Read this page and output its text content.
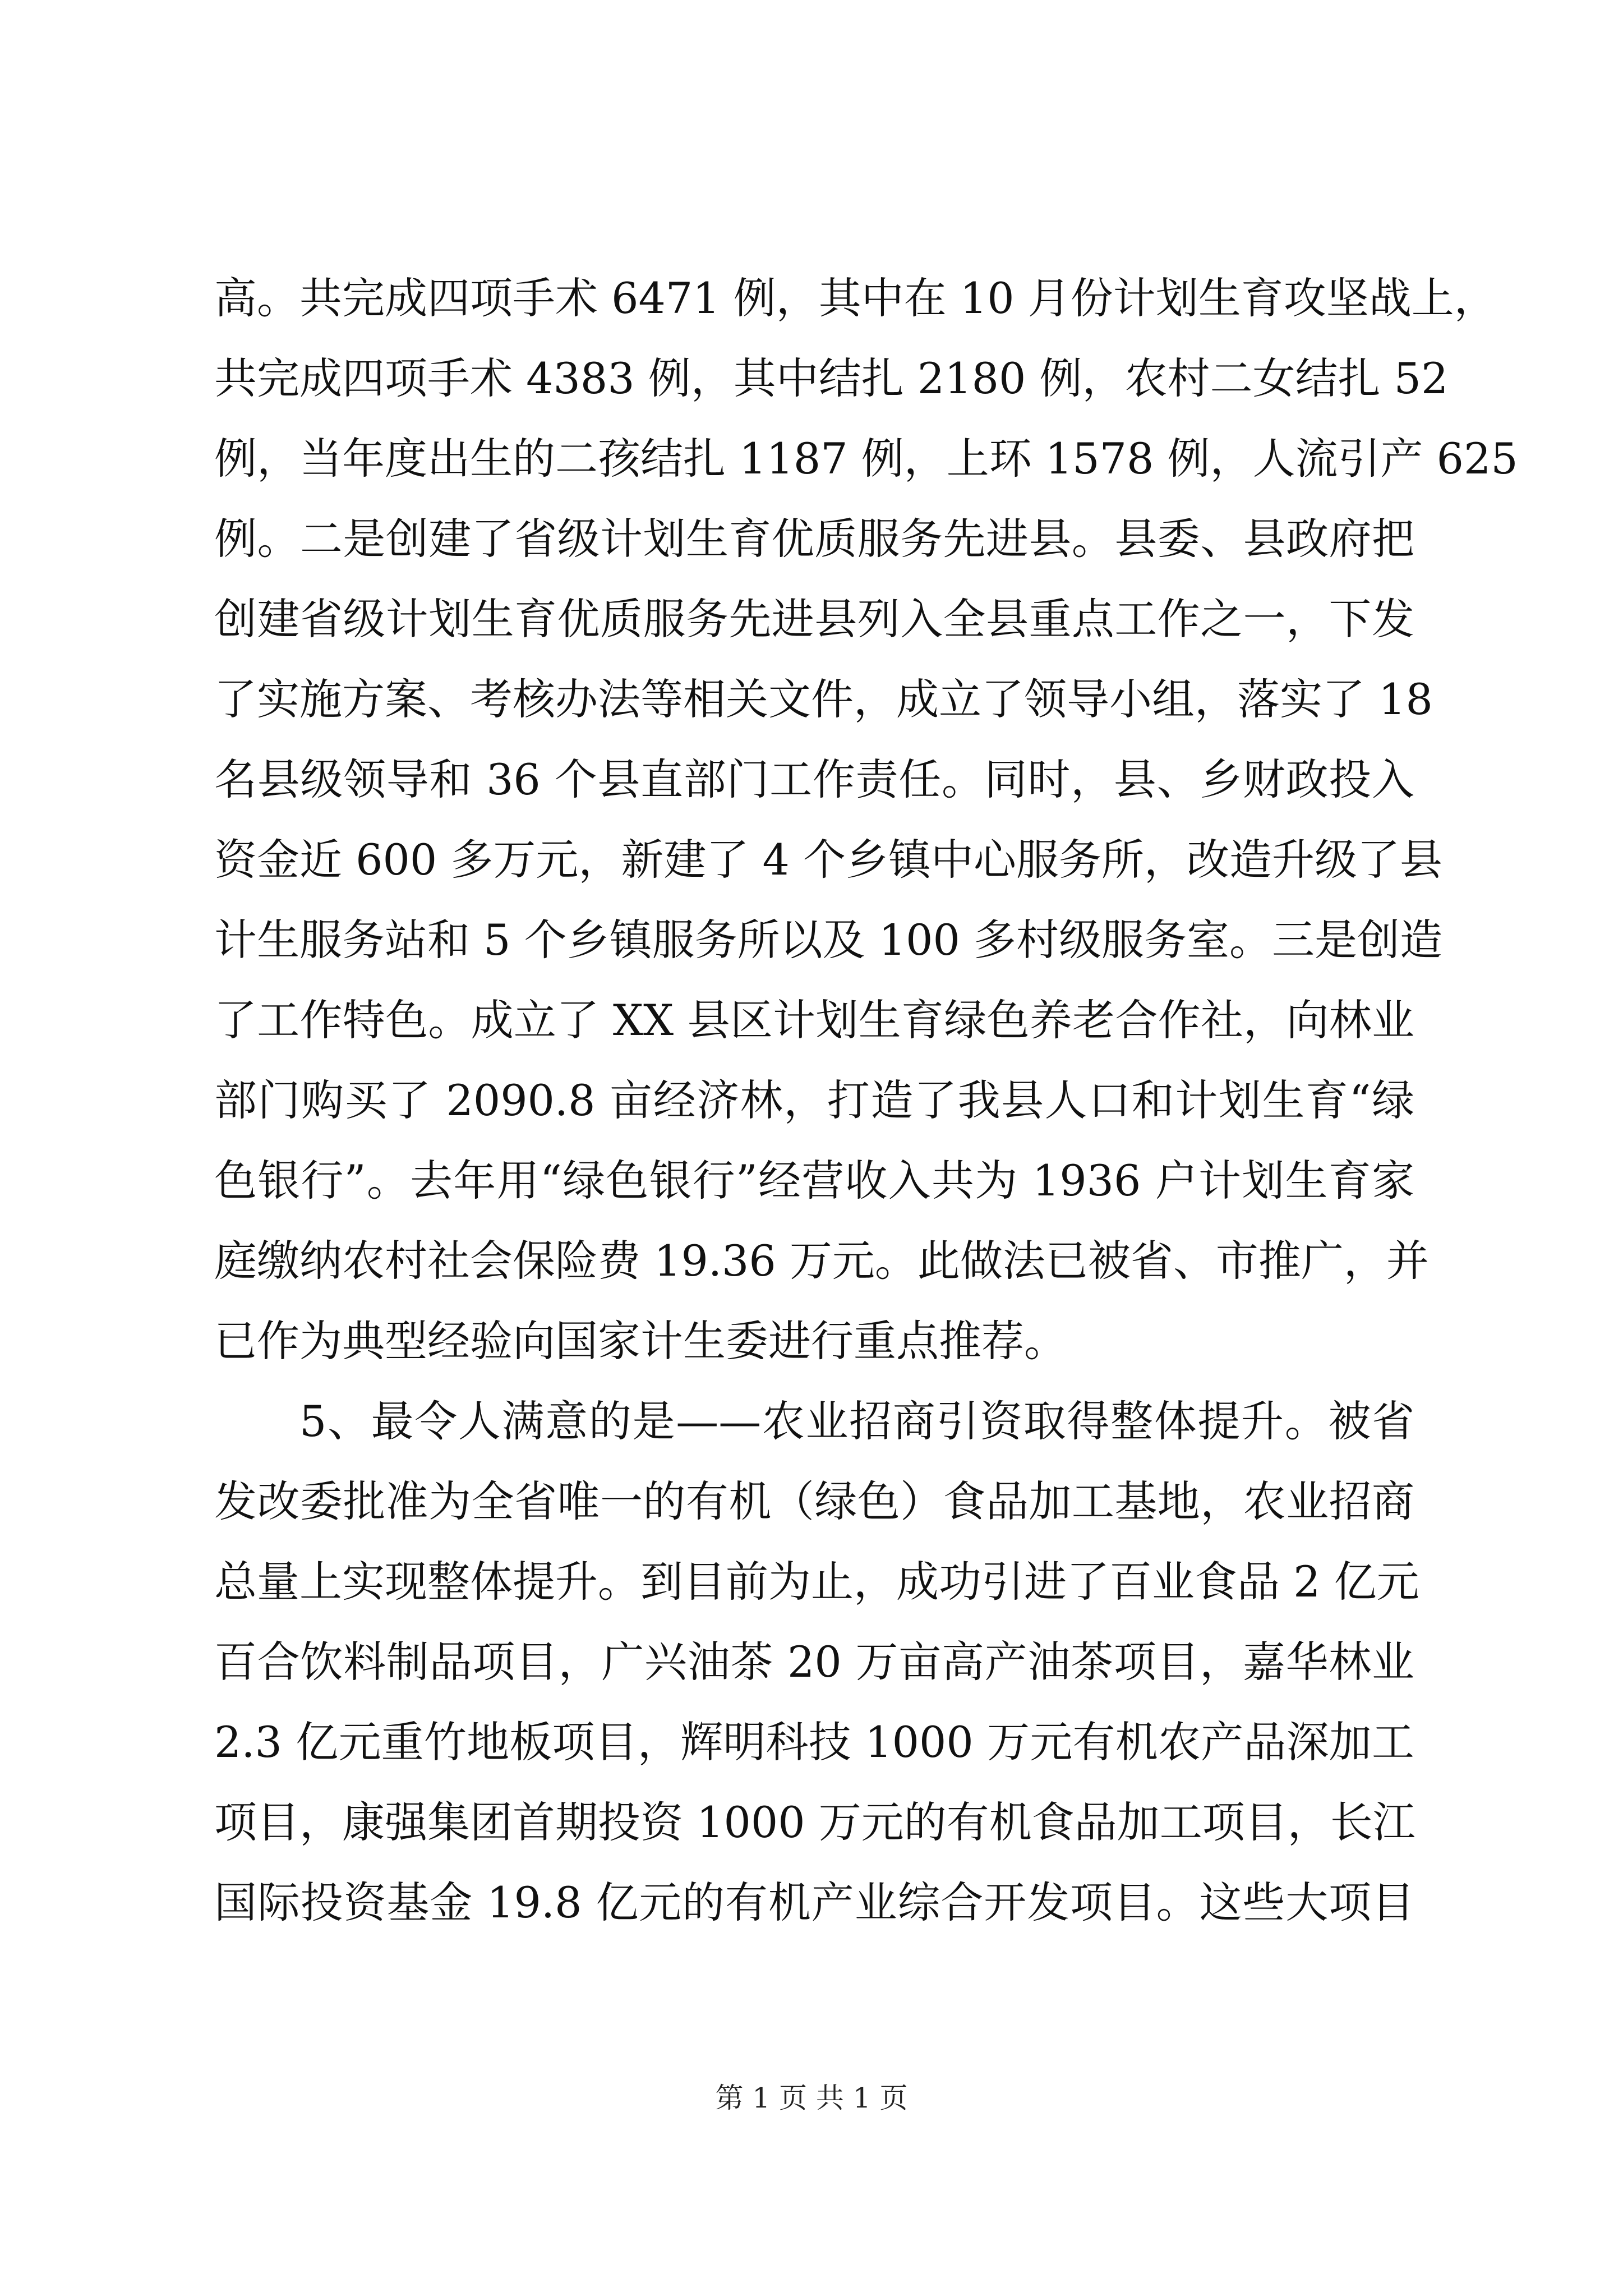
高。共完成四项手术 6471 例，其中在 10 月份计划生育攻坚战上，
共完成四项手术 4383 例，其中结扎 2180 例，农村二女结扎 52
例，当年度出生的二孩结扎 1187 例，上环 1578 例，人流引产 625
例。二是创建了省级计划生育优质服务先进县。县委、县政府把
创建省级计划生育优质服务先进县列入全县重点工作之一，下发
了实施方案、考核办法等相关文件，成立了领导小组，落实了 18
名县级领导和 36 个县直部门工作责任。同时，县、乡财政投入
资金近 600 多万元，新建了 4 个乡镇中心服务所，改造升级了县
计生服务站和 5 个乡镇服务所以及 100 多村级服务室。三是创造
了工作特色。成立了 XX 县区计划生育绿色养老合作社，向林业
部门购买了 2090.8 亩经济林，打造了我县人口和计划生育“绿
色银行”。去年用“绿色银行”经营收入共为 1936 户计划生育家
庭缴纳农村社会保险费 19.36 万元。此做法已被省、市推广，并
已作为典型经验向国家计生委进行重点推荐。
5、最令人满意的是——农业招商引资取得整体提升。被省
发改委批准为全省唯一的有机（绿色）食品加工基地，农业招商
总量上实现整体提升。到目前为止，成功引进了百业食品 2 亿元
百合饮料制品项目，广兴油茶 20 万亩高产油茶项目，嘉华林业
2.3 亿元重竹地板项目，辉明科技 1000 万元有机农产品深加工
项目，康强集团首期投资 1000 万元的有机食品加工项目，长江
国际投资基金 19.8 亿元的有机产业综合开发项目。这些大项目
第 1 页 共 1 页
